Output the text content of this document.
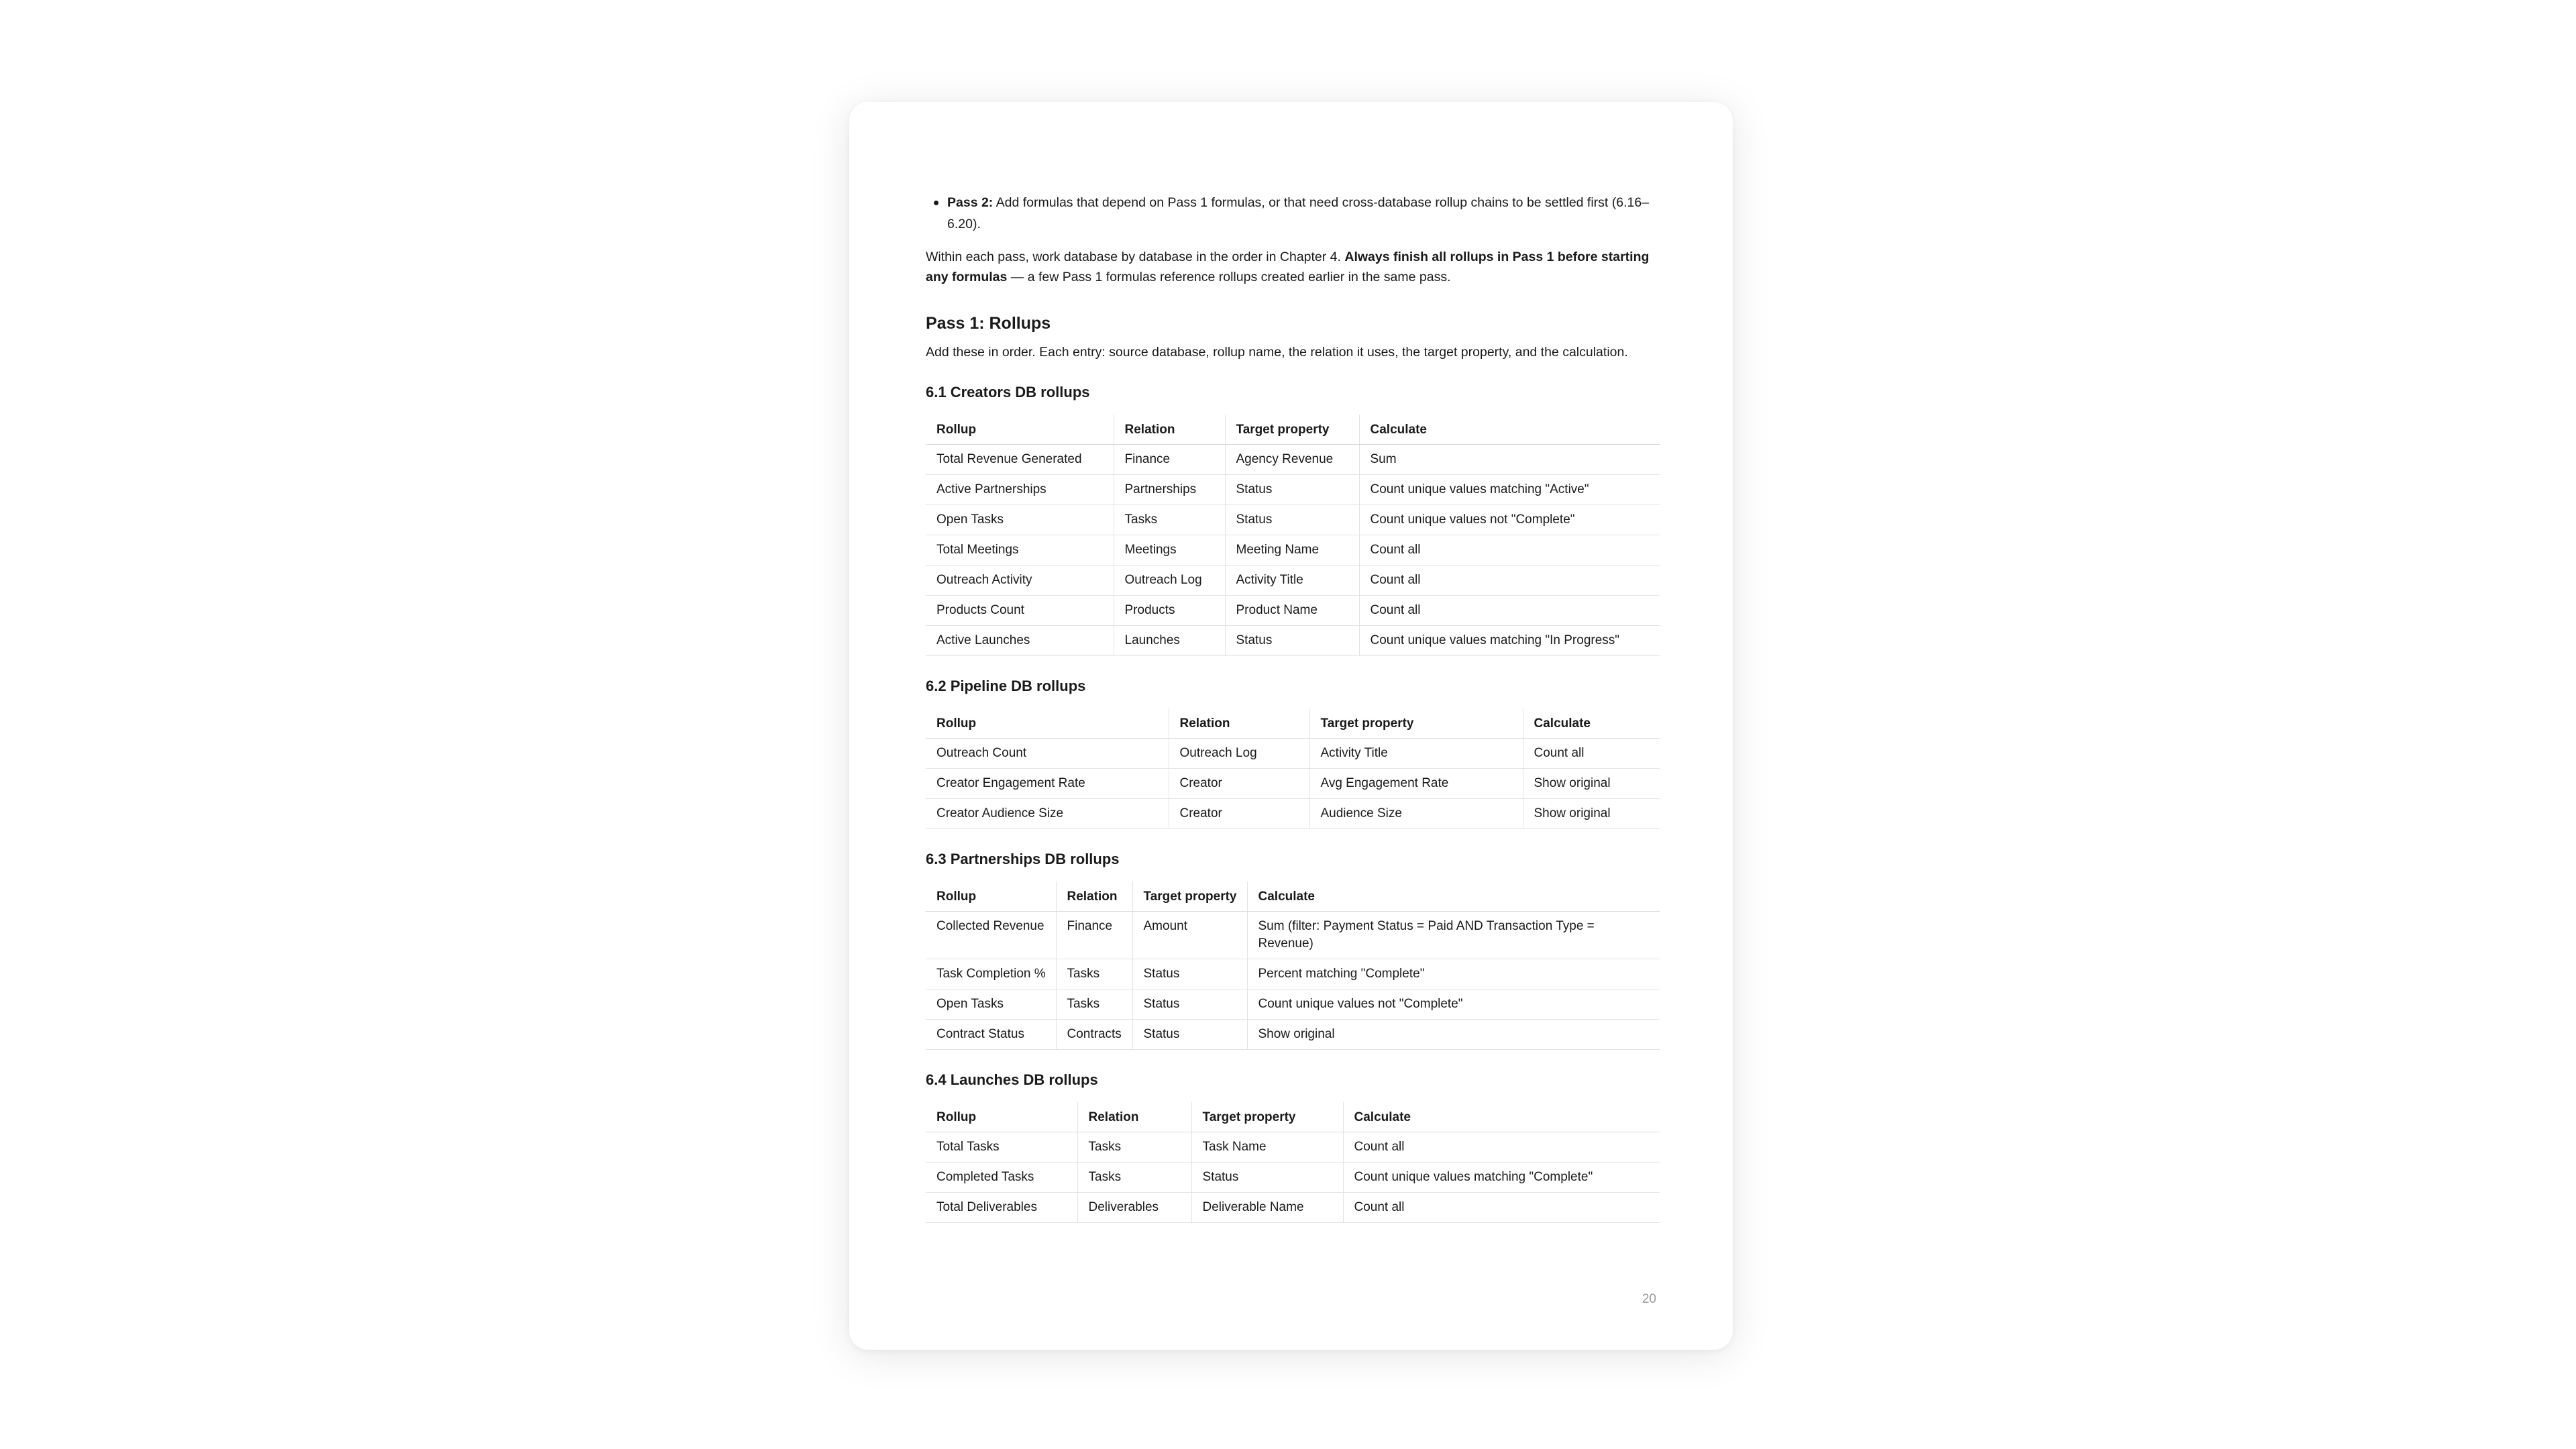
Pass 2: Add formulas that depend on Pass 1 formulas, or that need cross-database rollup chains to be settled first (6.16–6.20).

Within each pass, work database by database in the order in Chapter 4. Always finish all rollups in Pass 1 before starting any formulas — a few Pass 1 formulas reference rollups created earlier in the same pass.

Pass 1: Rollups

Add these in order. Each entry: source database, rollup name, the relation it uses, the target property, and the calculation.

6.1 Creators DB rollups
Rollup	Relation	Target property	Calculate
Total Revenue Generated	Finance	Agency Revenue	Sum
Active Partnerships	Partnerships	Status	Count unique values matching "Active"
Open Tasks	Tasks	Status	Count unique values not "Complete"
Total Meetings	Meetings	Meeting Name	Count all
Outreach Activity	Outreach Log	Activity Title	Count all
Products Count	Products	Product Name	Count all
Active Launches	Launches	Status	Count unique values matching "In Progress"
6.2 Pipeline DB rollups
Rollup	Relation	Target property	Calculate
Outreach Count	Outreach Log	Activity Title	Count all
Creator Engagement Rate	Creator	Avg Engagement Rate	Show original
Creator Audience Size	Creator	Audience Size	Show original
6.3 Partnerships DB rollups
Rollup	Relation	Target property	Calculate
Collected Revenue	Finance	Amount	Sum (filter: Payment Status = Paid AND Transaction Type = Revenue)
Task Completion %	Tasks	Status	Percent matching "Complete"
Open Tasks	Tasks	Status	Count unique values not "Complete"
Contract Status	Contracts	Status	Show original
6.4 Launches DB rollups
Rollup	Relation	Target property	Calculate
Total Tasks	Tasks	Task Name	Count all
Completed Tasks	Tasks	Status	Count unique values matching "Complete"
Total Deliverables	Deliverables	Deliverable Name	Count all
20
